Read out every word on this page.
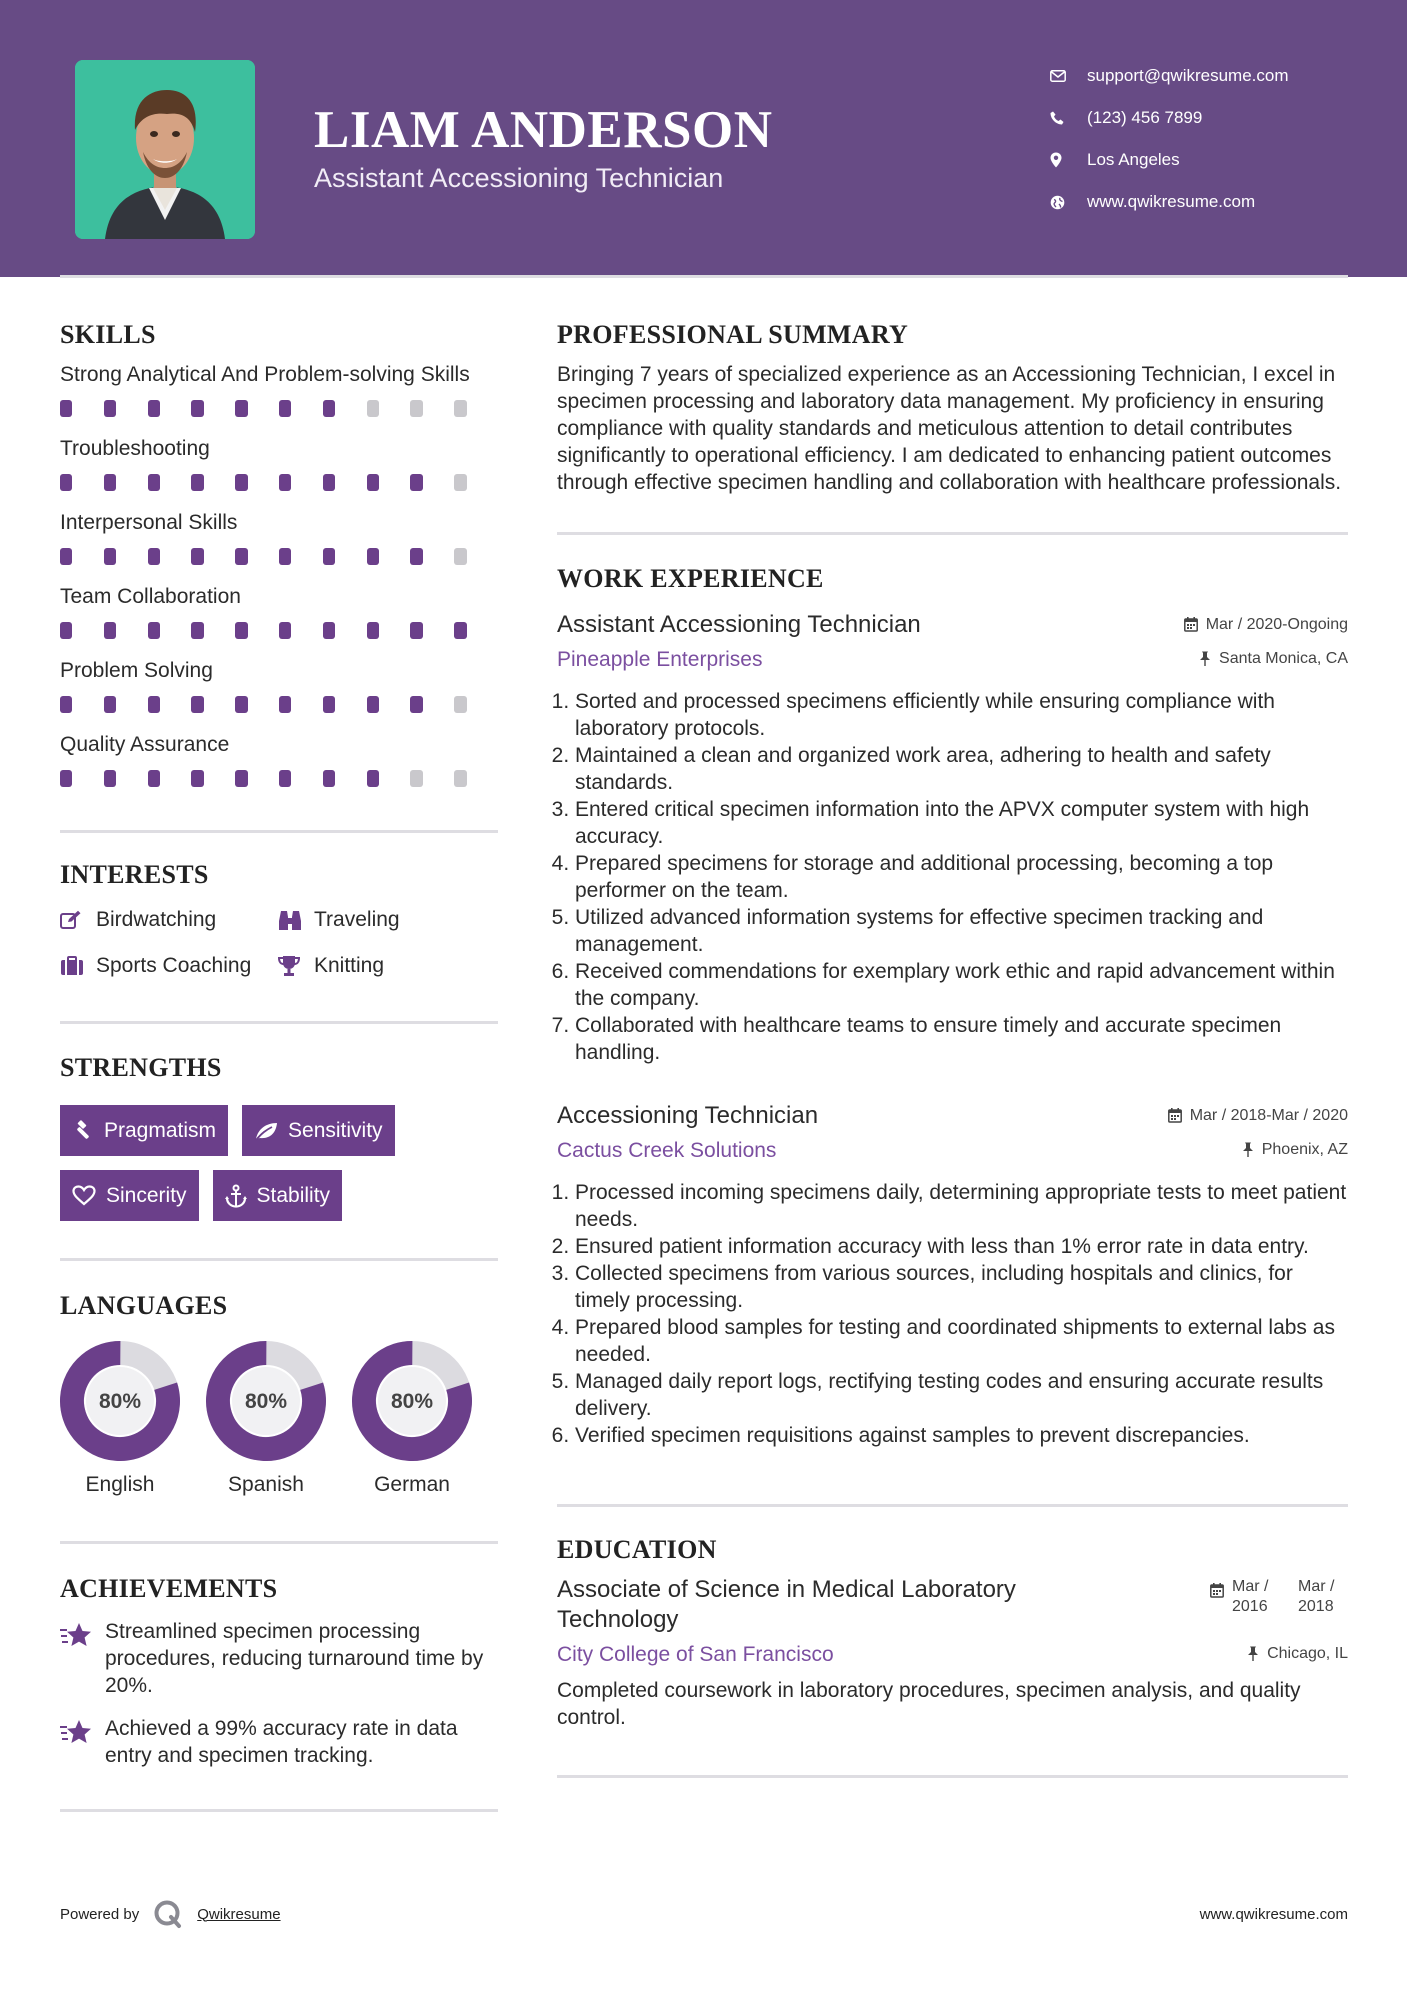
LIAM ANDERSON
Assistant Accessioning Technician
support@qwikresume.com
(123) 456 7899
Los Angeles
www.qwikresume.com
SKILLS
Strong Analytical And Problem-solving Skills
Troubleshooting
Interpersonal Skills
Team Collaboration
Problem Solving
Quality Assurance
INTERESTS
Birdwatching	Traveling
Sports Coaching	Knitting
STRENGTHS
Pragmatism	Sensitivity
Sincerity	Stability
LANGUAGES
80%
English
80%
Spanish
80%
German
ACHIEVEMENTS
Streamlined specimen processing procedures, reducing turnaround time by 20%.
Achieved a 99% accuracy rate in data entry and specimen tracking.
PROFESSIONAL SUMMARY
Bringing 7 years of specialized experience as an Accessioning Technician, I excel in specimen processing and laboratory data management. My proficiency in ensuring compliance with quality standards and meticulous attention to detail contributes significantly to operational efficiency. I am dedicated to enhancing patient outcomes through effective specimen handling and collaboration with healthcare professionals.
WORK EXPERIENCE
Assistant Accessioning Technician	Mar / 2020-Ongoing
Pineapple Enterprises	Santa Monica, CA
1. Sorted and processed specimens efficiently while ensuring compliance with laboratory protocols.
2. Maintained a clean and organized work area, adhering to health and safety standards.
3. Entered critical specimen information into the APVX computer system with high accuracy.
4. Prepared specimens for storage and additional processing, becoming a top performer on the team.
5. Utilized advanced information systems for effective specimen tracking and management.
6. Received commendations for exemplary work ethic and rapid advancement within the company.
7. Collaborated with healthcare teams to ensure timely and accurate specimen handling.
Accessioning Technician	Mar / 2018-Mar / 2020
Cactus Creek Solutions	Phoenix, AZ
1. Processed incoming specimens daily, determining appropriate tests to meet patient needs.
2. Ensured patient information accuracy with less than 1% error rate in data entry.
3. Collected specimens from various sources, including hospitals and clinics, for timely processing.
4. Prepared blood samples for testing and coordinated shipments to external labs as needed.
5. Managed daily report logs, rectifying testing codes and ensuring accurate results delivery.
6. Verified specimen requisitions against samples to prevent discrepancies.
EDUCATION
Associate of Science in Medical Laboratory Technology
Mar / 2016
Mar / 2018
City College of San Francisco	Chicago, IL
Completed coursework in laboratory procedures, specimen analysis, and quality control.
Powered by	Qwikresume	www.qwikresume.com
